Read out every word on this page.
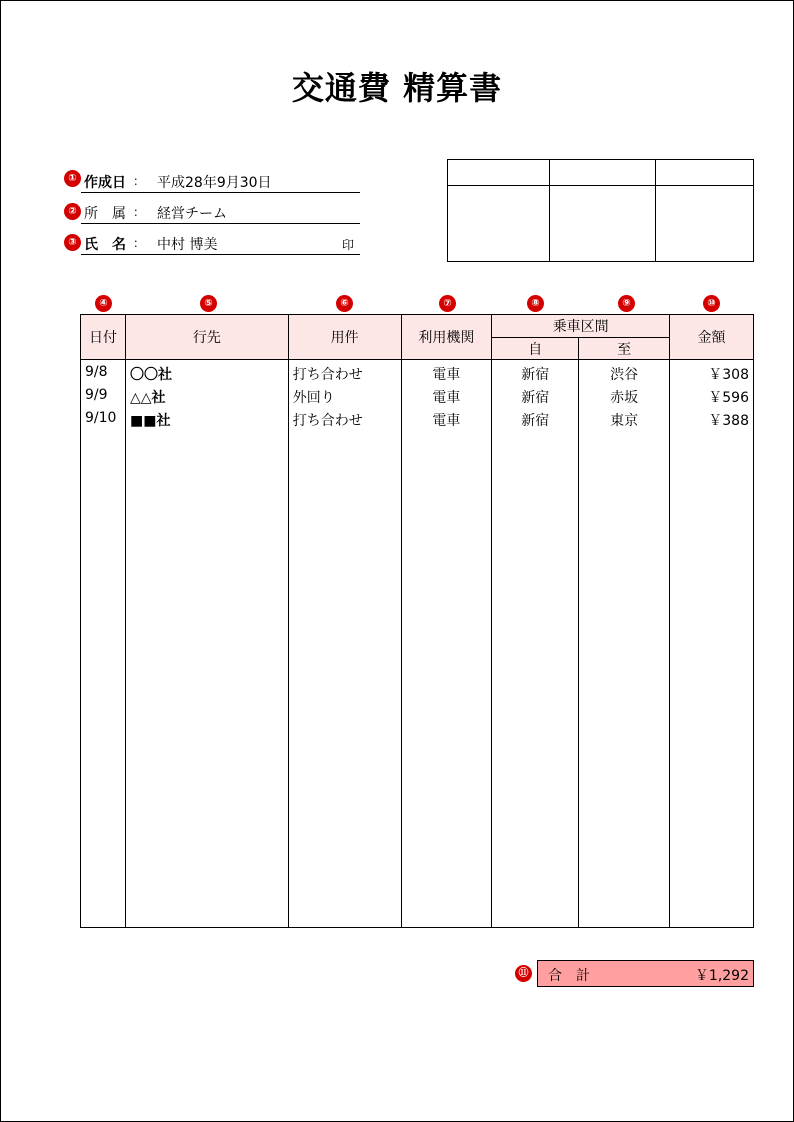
交通費 精算書
①
②
③
作成日 ： 平成28年9月30日
所　属 ： 経営チーム
氏　名 ： 中村 博美	印
④	⑤	⑥	⑦	⑧	⑨	⑩
日付	行先	用件	利用機関	乗車区間		金額
				自	至	
9/8	〇〇社	打ち合わせ	電車	新宿	渋谷	￥308
9/9	△△社	外回り	電車	新宿	赤坂	￥596
9/10	■■社	打ち合わせ	電車	新宿	東京	￥388

⑪ 合　計	￥1,292
